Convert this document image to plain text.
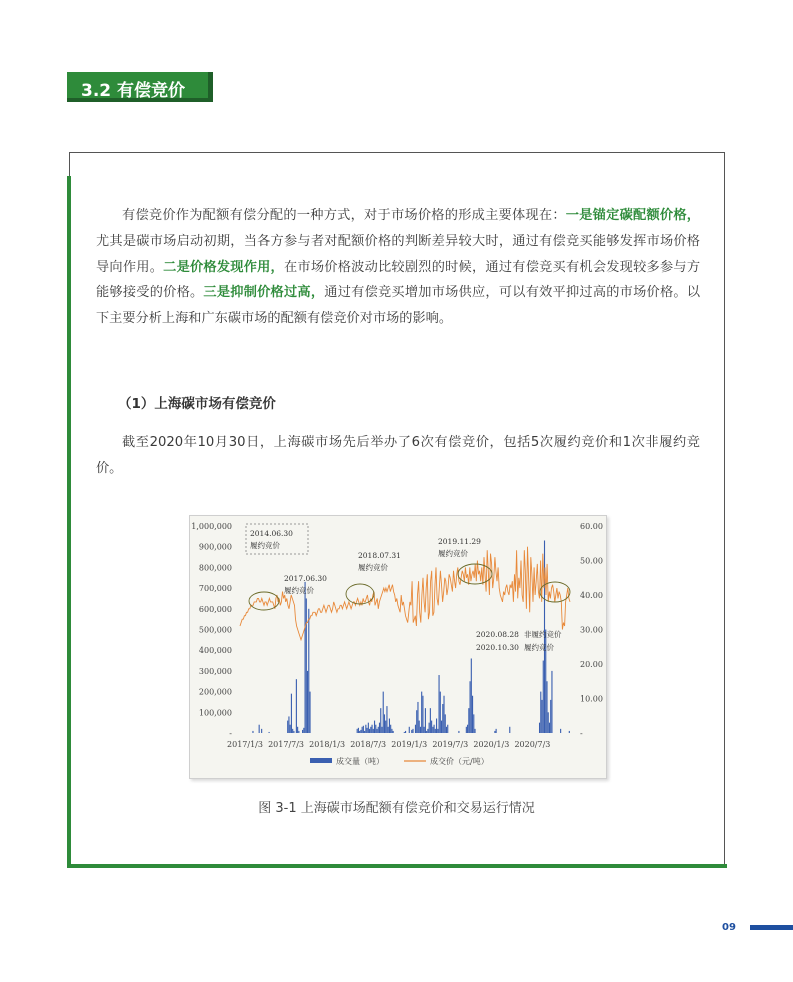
3.2 有偿竞价

有偿竞价作为配额有偿分配的一种方式，对于市场价格的形成主要体现在：一是锚定碳配额价格，尤其是碳市场启动初期，当各方参与者对配额价格的判断差异较大时，通过有偿竞买能够发挥市场价格导向作用。二是价格发现作用，在市场价格波动比较剧烈的时候，通过有偿竞买有机会发现较多参与方能够接受的价格。三是抑制价格过高，通过有偿竞买增加市场供应，可以有效平抑过高的市场价格。以下主要分析上海和广东碳市场的配额有偿竞价对市场的影响。

（1）上海碳市场有偿竞价

截至2020年10月30日，上海碳市场先后举办了6次有偿竞价，包括5次履约竞价和1次非履约竞价。

1,000,000
900,000
800,000
700,000
600,000
500,000
400,000
300,000
200,000
100,000
-
60.00
50.00
40.00
30.00
20.00
10.00
-
2017/1/3 2017/7/3 2018/1/3 2018/7/3 2019/1/3 2019/7/3 2020/1/3 2020/7/3
2014.06.30
履约竞价
2017.06.30
履约竞价
2018.07.31
履约竞价
2019.11.29
履约竞价
2020.08.28 非履约竞价
2020.10.30 履约竞价
成交量（吨）	成交价（元/吨）
图 3-1 上海碳市场配额有偿竞价和交易运行情况
09
